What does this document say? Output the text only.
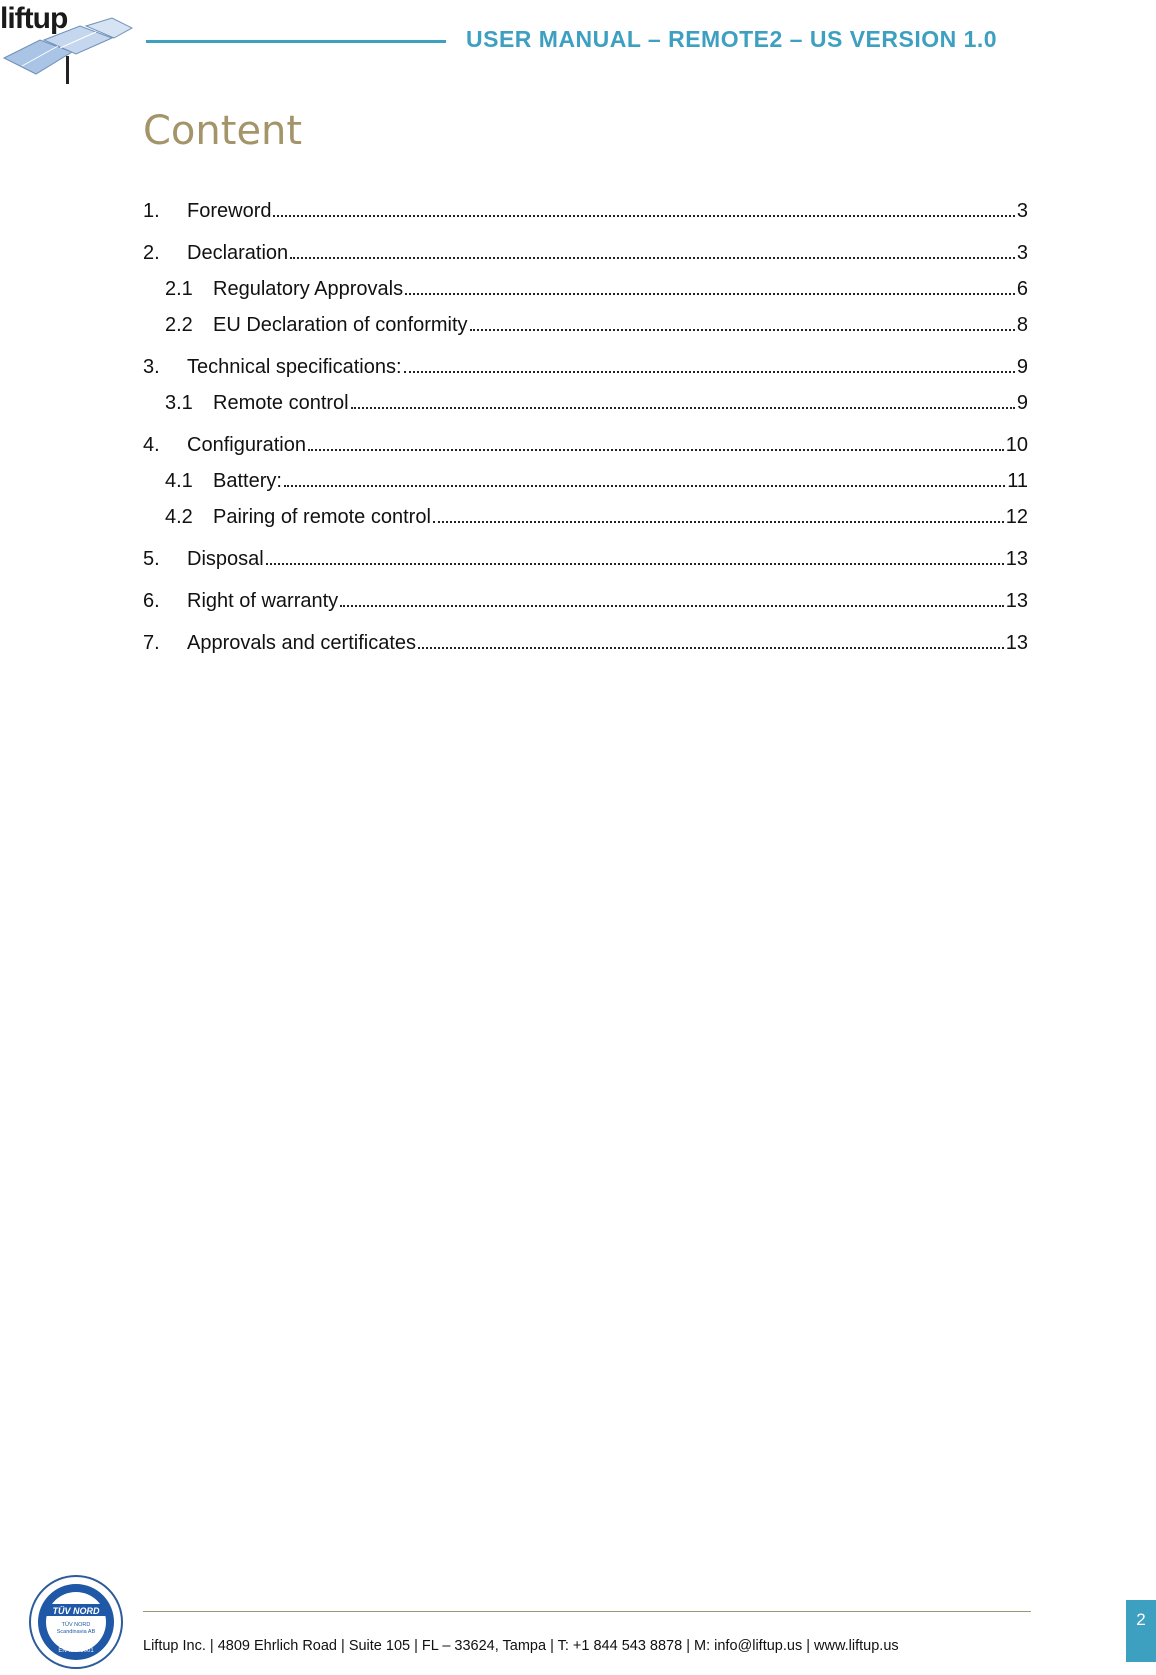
liftup
USER MANUAL – REMOTE2 – US VERSION 1.0
Content
1.	Foreword	3
2.	Declaration	3
2.1	Regulatory Approvals	6
2.2	EU Declaration of conformity	8
3.	Technical specifications:	9
3.1	Remote control	9
4.	Configuration	10
4.1	Battery:	11
4.2	Pairing of remote control	12
5.	Disposal	13
6.	Right of warranty	13
7.	Approvals and certificates	13
TÜV NORD
TÜV NORD
Scandinavia AB
EN ISO 9001	Liftup Inc. | 4809 Ehrlich Road | Suite 105 | FL – 33624, Tampa | T: +1 844 543 8878 | M: info@liftup.us | www.liftup.us
2
